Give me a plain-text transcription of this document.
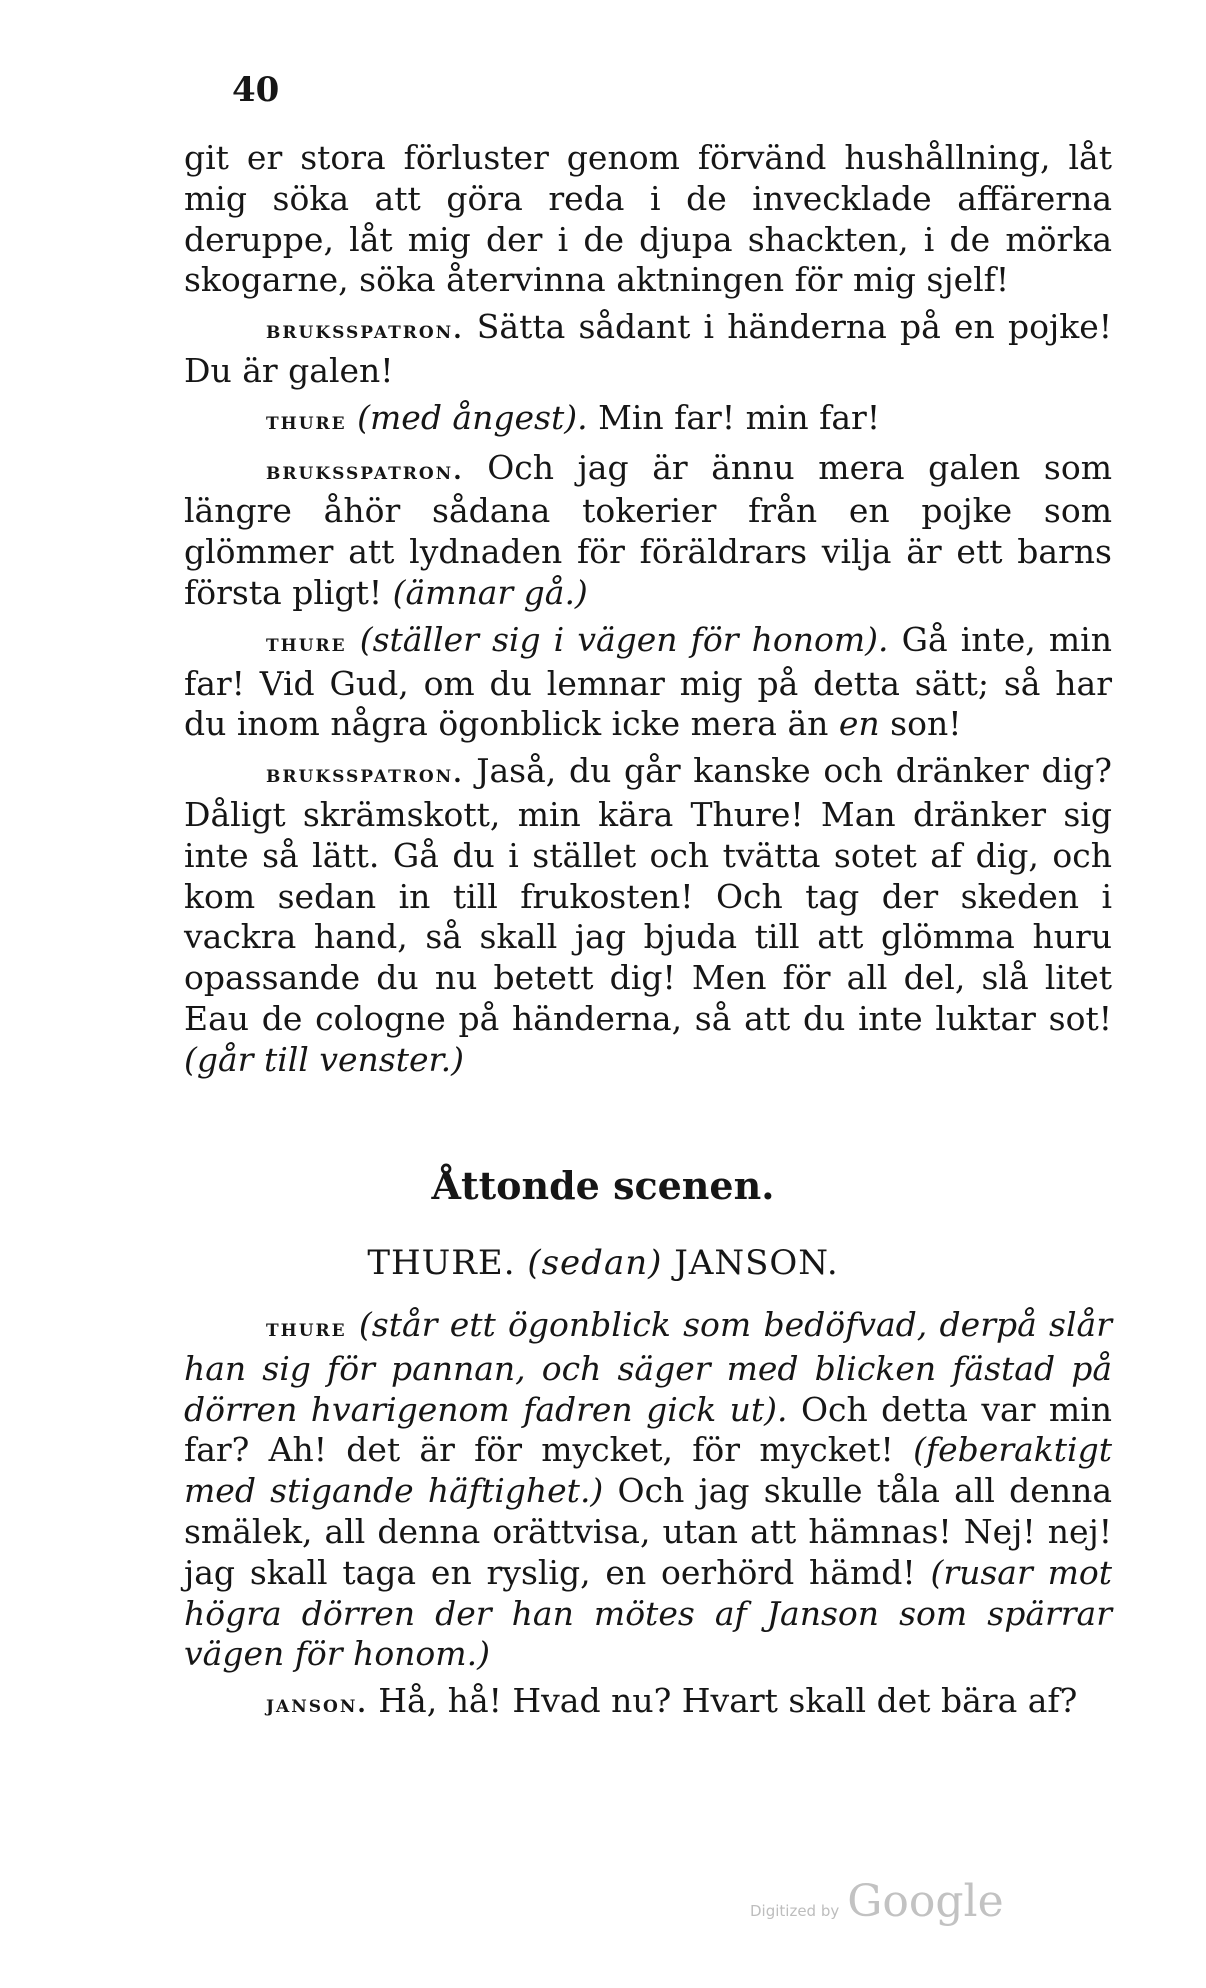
40

git er stora förluster genom förvänd hushållning, låt mig söka att göra reda i de invecklade affärerna deruppe, låt mig der i de djupa shackten, i de mörka skogarne, söka återvinna aktningen för mig sjelf!

bruksspatron. Sätta sådant i händerna på en pojke! Du är galen!

thure (med ångest). Min far! min far!

bruksspatron. Och jag är ännu mera galen som längre åhör sådana tokerier från en pojke som glömmer att lydnaden för föräldrars vilja är ett barns första pligt! (ämnar gå.)

thure (ställer sig i vägen för honom). Gå inte, min far! Vid Gud, om du lemnar mig på detta sätt; så har du inom några ögonblick icke mera än en son!

bruksspatron. Jaså, du går kanske och dränker dig? Dåligt skrämskott, min kära Thure! Man dränker sig inte så lätt. Gå du i stället och tvätta sotet af dig, och kom sedan in till frukosten! Och tag der skeden i vackra hand, så skall jag bjuda till att glömma huru opassande du nu betett dig! Men för all del, slå litet Eau de cologne på händerna, så att du inte luktar sot! (går till venster.)

Åttonde scenen.
THURE. (sedan) JANSON.

thure (står ett ögonblick som bedöfvad, derpå slår han sig för pannan, och säger med blicken fästad på dörren hvarigenom fadren gick ut). Och detta var min far? Ah! det är för mycket, för mycket! (feberaktigt med stigande häftighet.) Och jag skulle tåla all denna smälek, all denna orättvisa, utan att hämnas! Nej! nej! jag skall taga en ryslig, en oerhörd hämd! (rusar mot högra dörren der han mötes af Janson som spärrar vägen för honom.)

janson. Hå, hå! Hvad nu? Hvart skall det bära af?

Digitized by Google
